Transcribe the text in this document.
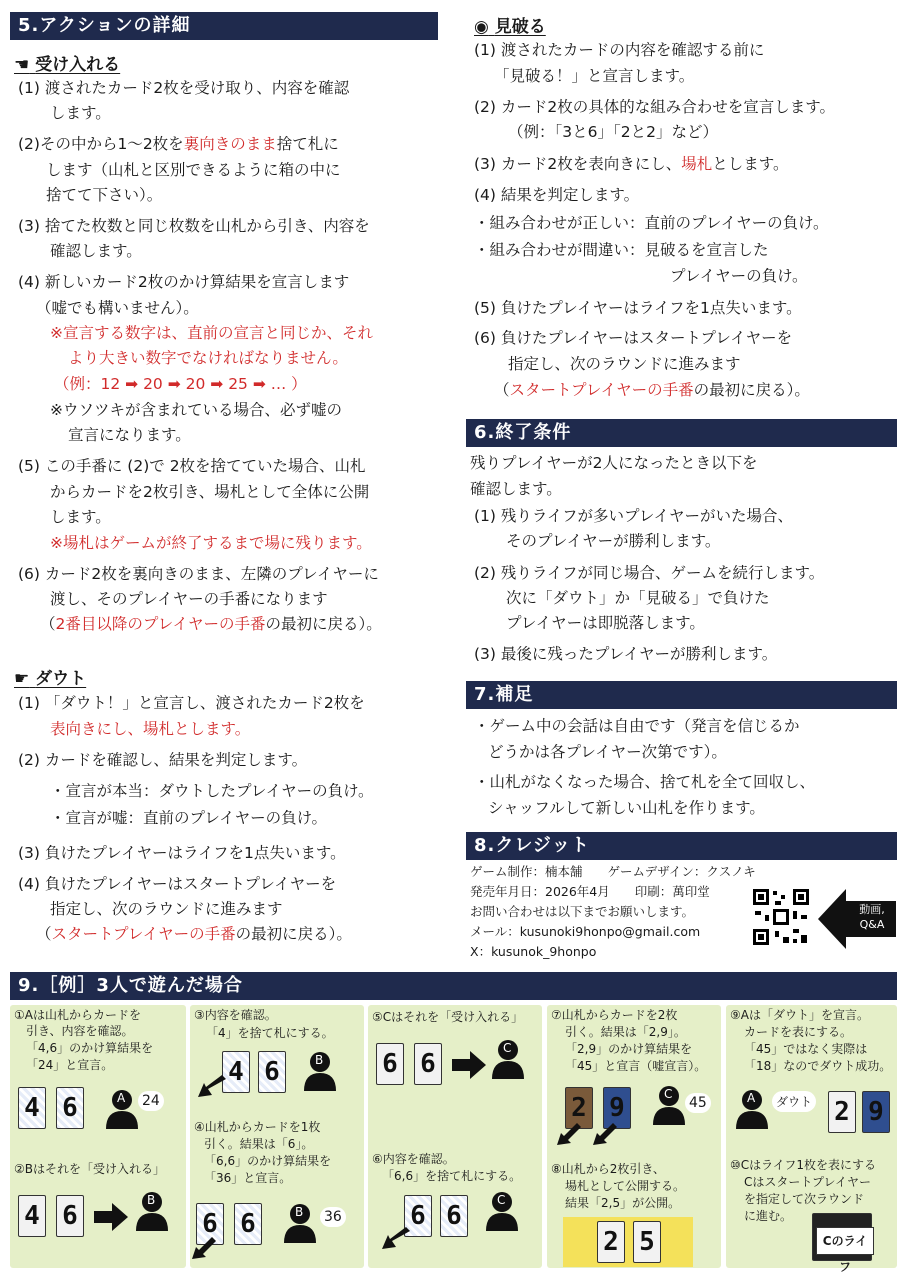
5.アクションの詳細
☚ 受け入れる
(1) 渡されたカード2枚を受け取り、内容を確認
します。
(2)その中から1〜2枚を裏向きのまま捨て札に
します（山札と区別できるように箱の中に
捨てて下さい）。
(3) 捨てた枚数と同じ枚数を山札から引き、内容を
確認します。
(4) 新しいカード2枚のかけ算結果を宣言します
（嘘でも構いません）。
※宣言する数字は、直前の宣言と同じか、それ
より大きい数字でなければなりません。
（例：12 ➡ 20 ➡ 20 ➡ 25 ➡ … ）
※ウソツキが含まれている場合、必ず嘘の
宣言になります。
(5) この手番に (2)で 2枚を捨てていた場合、山札
からカードを2枚引き、場札として全体に公開
します。
※場札はゲームが終了するまで場に残ります。
(6) カード2枚を裏向きのまま、左隣のプレイヤーに
渡し、そのプレイヤーの手番になります
（2番目以降のプレイヤーの手番の最初に戻る）。
☛ ダウト
(1) 「ダウト！」と宣言し、渡されたカード2枚を
表向きにし、場札とします。
(2) カードを確認し、結果を判定します。
・宣言が本当：ダウトしたプレイヤーの負け。
・宣言が嘘：直前のプレイヤーの負け。
(3) 負けたプレイヤーはライフを1点失います。
(4) 負けたプレイヤーはスタートプレイヤーを
指定し、次のラウンドに進みます
（スタートプレイヤーの手番の最初に戻る）。
◉ 見破る
(1) 渡されたカードの内容を確認する前に
「見破る！」と宣言します。
(2) カード2枚の具体的な組み合わせを宣言します。
（例：「3と6」「2と2」など）
(3) カード2枚を表向きにし、場札とします。
(4) 結果を判定します。
・組み合わせが正しい：直前のプレイヤーの負け。
・組み合わせが間違い：見破るを宣言した
プレイヤーの負け。
(5) 負けたプレイヤーはライフを1点失います。
(6) 負けたプレイヤーはスタートプレイヤーを
指定し、次のラウンドに進みます
（スタートプレイヤーの手番の最初に戻る）。
6.終了条件
残りプレイヤーが2人になったとき以下を
確認します。
(1) 残りライフが多いプレイヤーがいた場合、
そのプレイヤーが勝利します。
(2) 残りライフが同じ場合、ゲームを続行します。
次に「ダウト」か「見破る」で負けた
プレイヤーは即脱落します。
(3) 最後に残ったプレイヤーが勝利します。
7.補足
・ゲーム中の会話は自由です（発言を信じるか
どうかは各プレイヤー次第です）。
・山札がなくなった場合、捨て札を全て回収し、
シャッフルして新しい山札を作ります。
8.クレジット
ゲーム制作：楠本舗　　ゲームデザイン：クスノキ
発売年月日：2026年4月　　印刷：萬印堂
お問い合わせは以下までお願いします。
メール：kusunoki9honpo@gmail.com
X：kusunok_9honpo
動画,
Q&A
9.［例］3人で遊んだ場合
①Aは山札からカードを
引き、内容を確認。
「4,6」のかけ算結果を
「24」と宣言。
4 6	A 24
②Bはそれを「受け入れる」
4 6
B
③内容を確認。
「4」を捨て札にする。
4 6	B
④山札からカードを1枚
引く。結果は「6」。
「6,6」のかけ算結果を
「36」と宣言。
6 6	B 36
⑤Cはそれを「受け入れる」
6 6
C
⑥内容を確認。
「6,6」を捨て札にする。
6 6
C
⑦山札からカードを2枚
引く。結果は「2,9」。
「2,9」のかけ算結果を
「45」と宣言（嘘宣言）。
2 9	C
45
⑧山札から2枚引き、
場札として公開する。
結果「2,5」が公開。
2 5
⑨Aは「ダウト」を宣言。
カードを表にする。
「45」ではなく実際は
「18」なのでダウト成功。
A	ダウト 2 9
⑩Cはライフ1枚を表にする
Cはスタートプレイヤー
を指定して次ラウンド
に進む。
Cのライフ
